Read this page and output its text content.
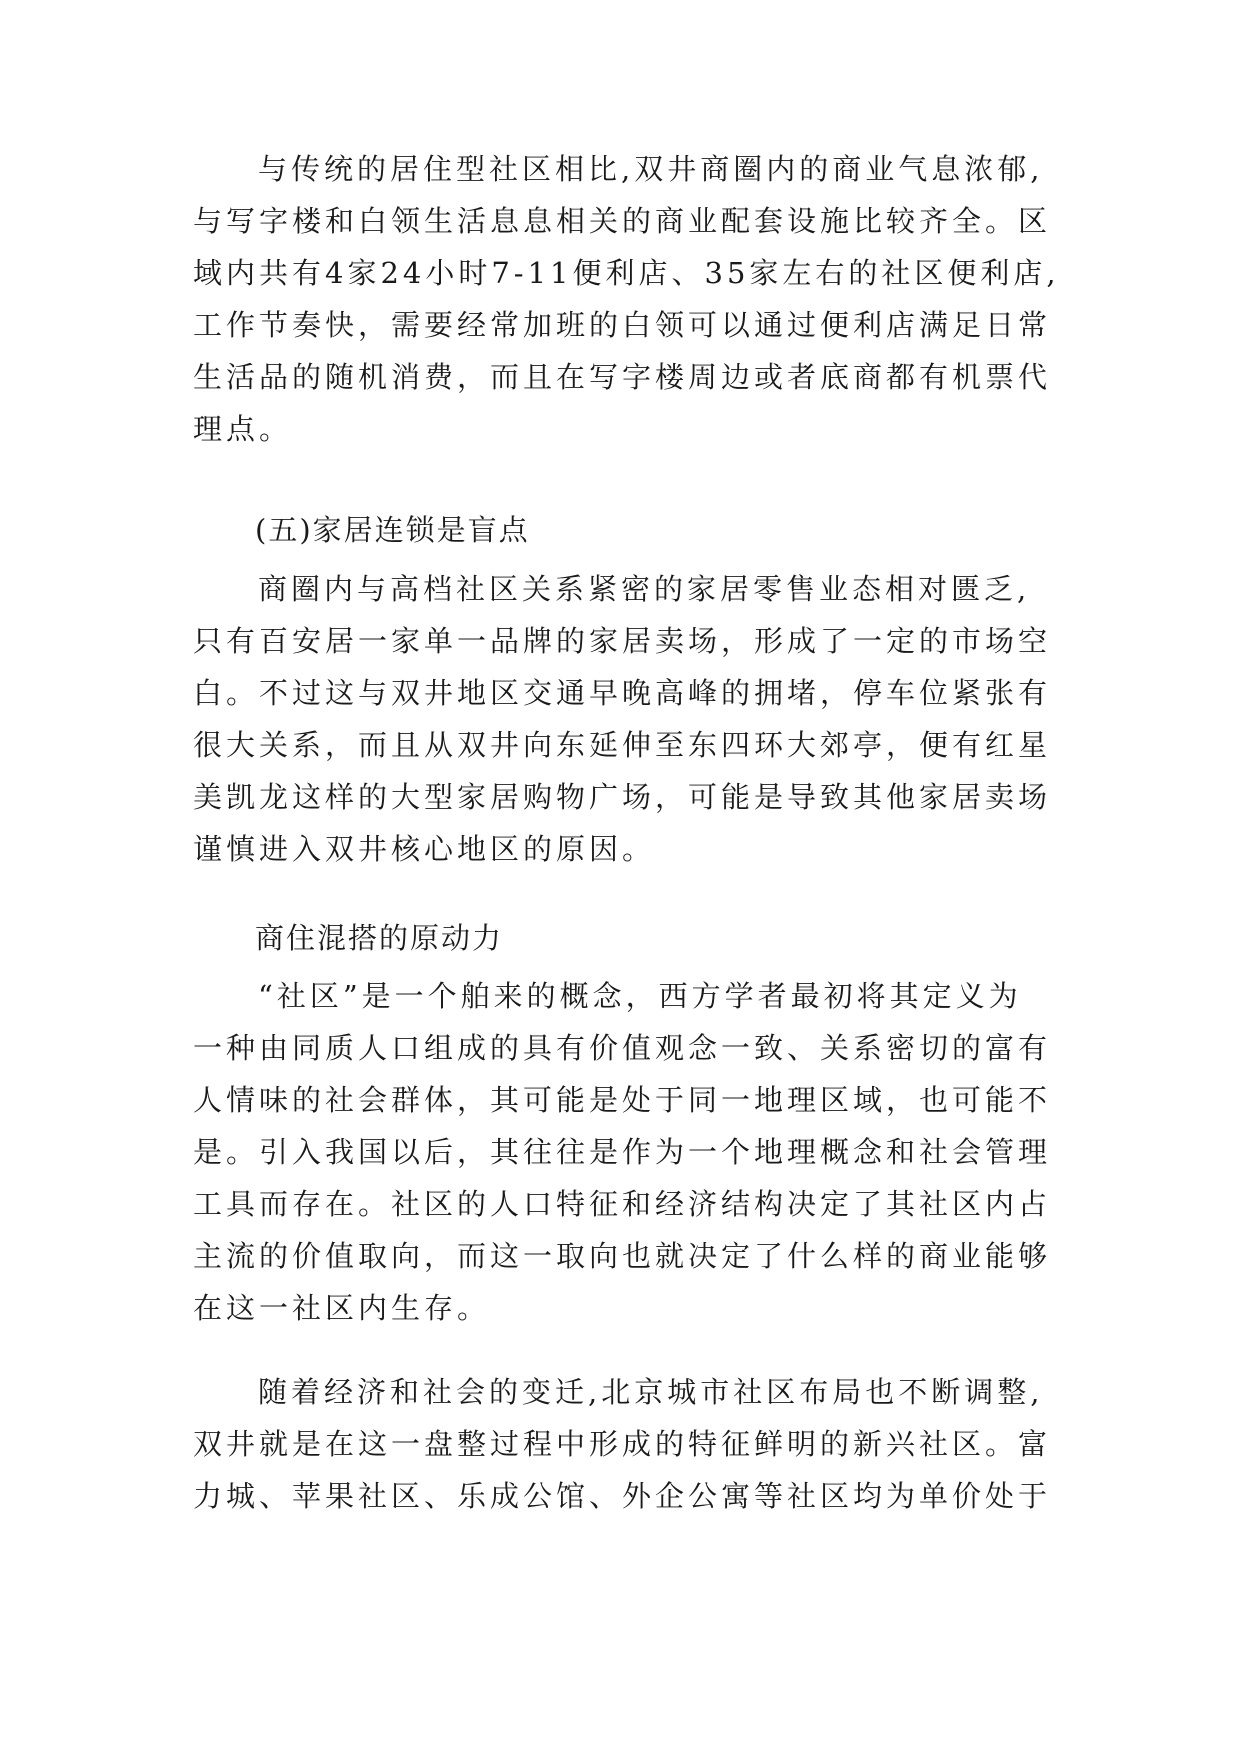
与传统的居住型社区相比,双井商圈内的商业气息浓郁,
与写字楼和白领生活息息相关的商业配套设施比较齐全。区
域内共有4家24小时7-11便利店、35家左右的社区便利店,
工作节奏快，需要经常加班的白领可以通过便利店满足日常
生活品的随机消费，而且在写字楼周边或者底商都有机票代
理点。
(五)家居连锁是盲点
商圈内与高档社区关系紧密的家居零售业态相对匮乏,
只有百安居一家单一品牌的家居卖场，形成了一定的市场空
白。不过这与双井地区交通早晚高峰的拥堵，停车位紧张有
很大关系，而且从双井向东延伸至东四环大郊亭，便有红星
美凯龙这样的大型家居购物广场，可能是导致其他家居卖场
谨慎进入双井核心地区的原因。
商住混搭的原动力
“社区”是一个舶来的概念，西方学者最初将其定义为
一种由同质人口组成的具有价值观念一致、关系密切的富有
人情味的社会群体，其可能是处于同一地理区域，也可能不
是。引入我国以后，其往往是作为一个地理概念和社会管理
工具而存在。社区的人口特征和经济结构决定了其社区内占
主流的价值取向，而这一取向也就决定了什么样的商业能够
在这一社区内生存。
随着经济和社会的变迁,北京城市社区布局也不断调整,
双井就是在这一盘整过程中形成的特征鲜明的新兴社区。富
力城、苹果社区、乐成公馆、外企公寓等社区均为单价处于
